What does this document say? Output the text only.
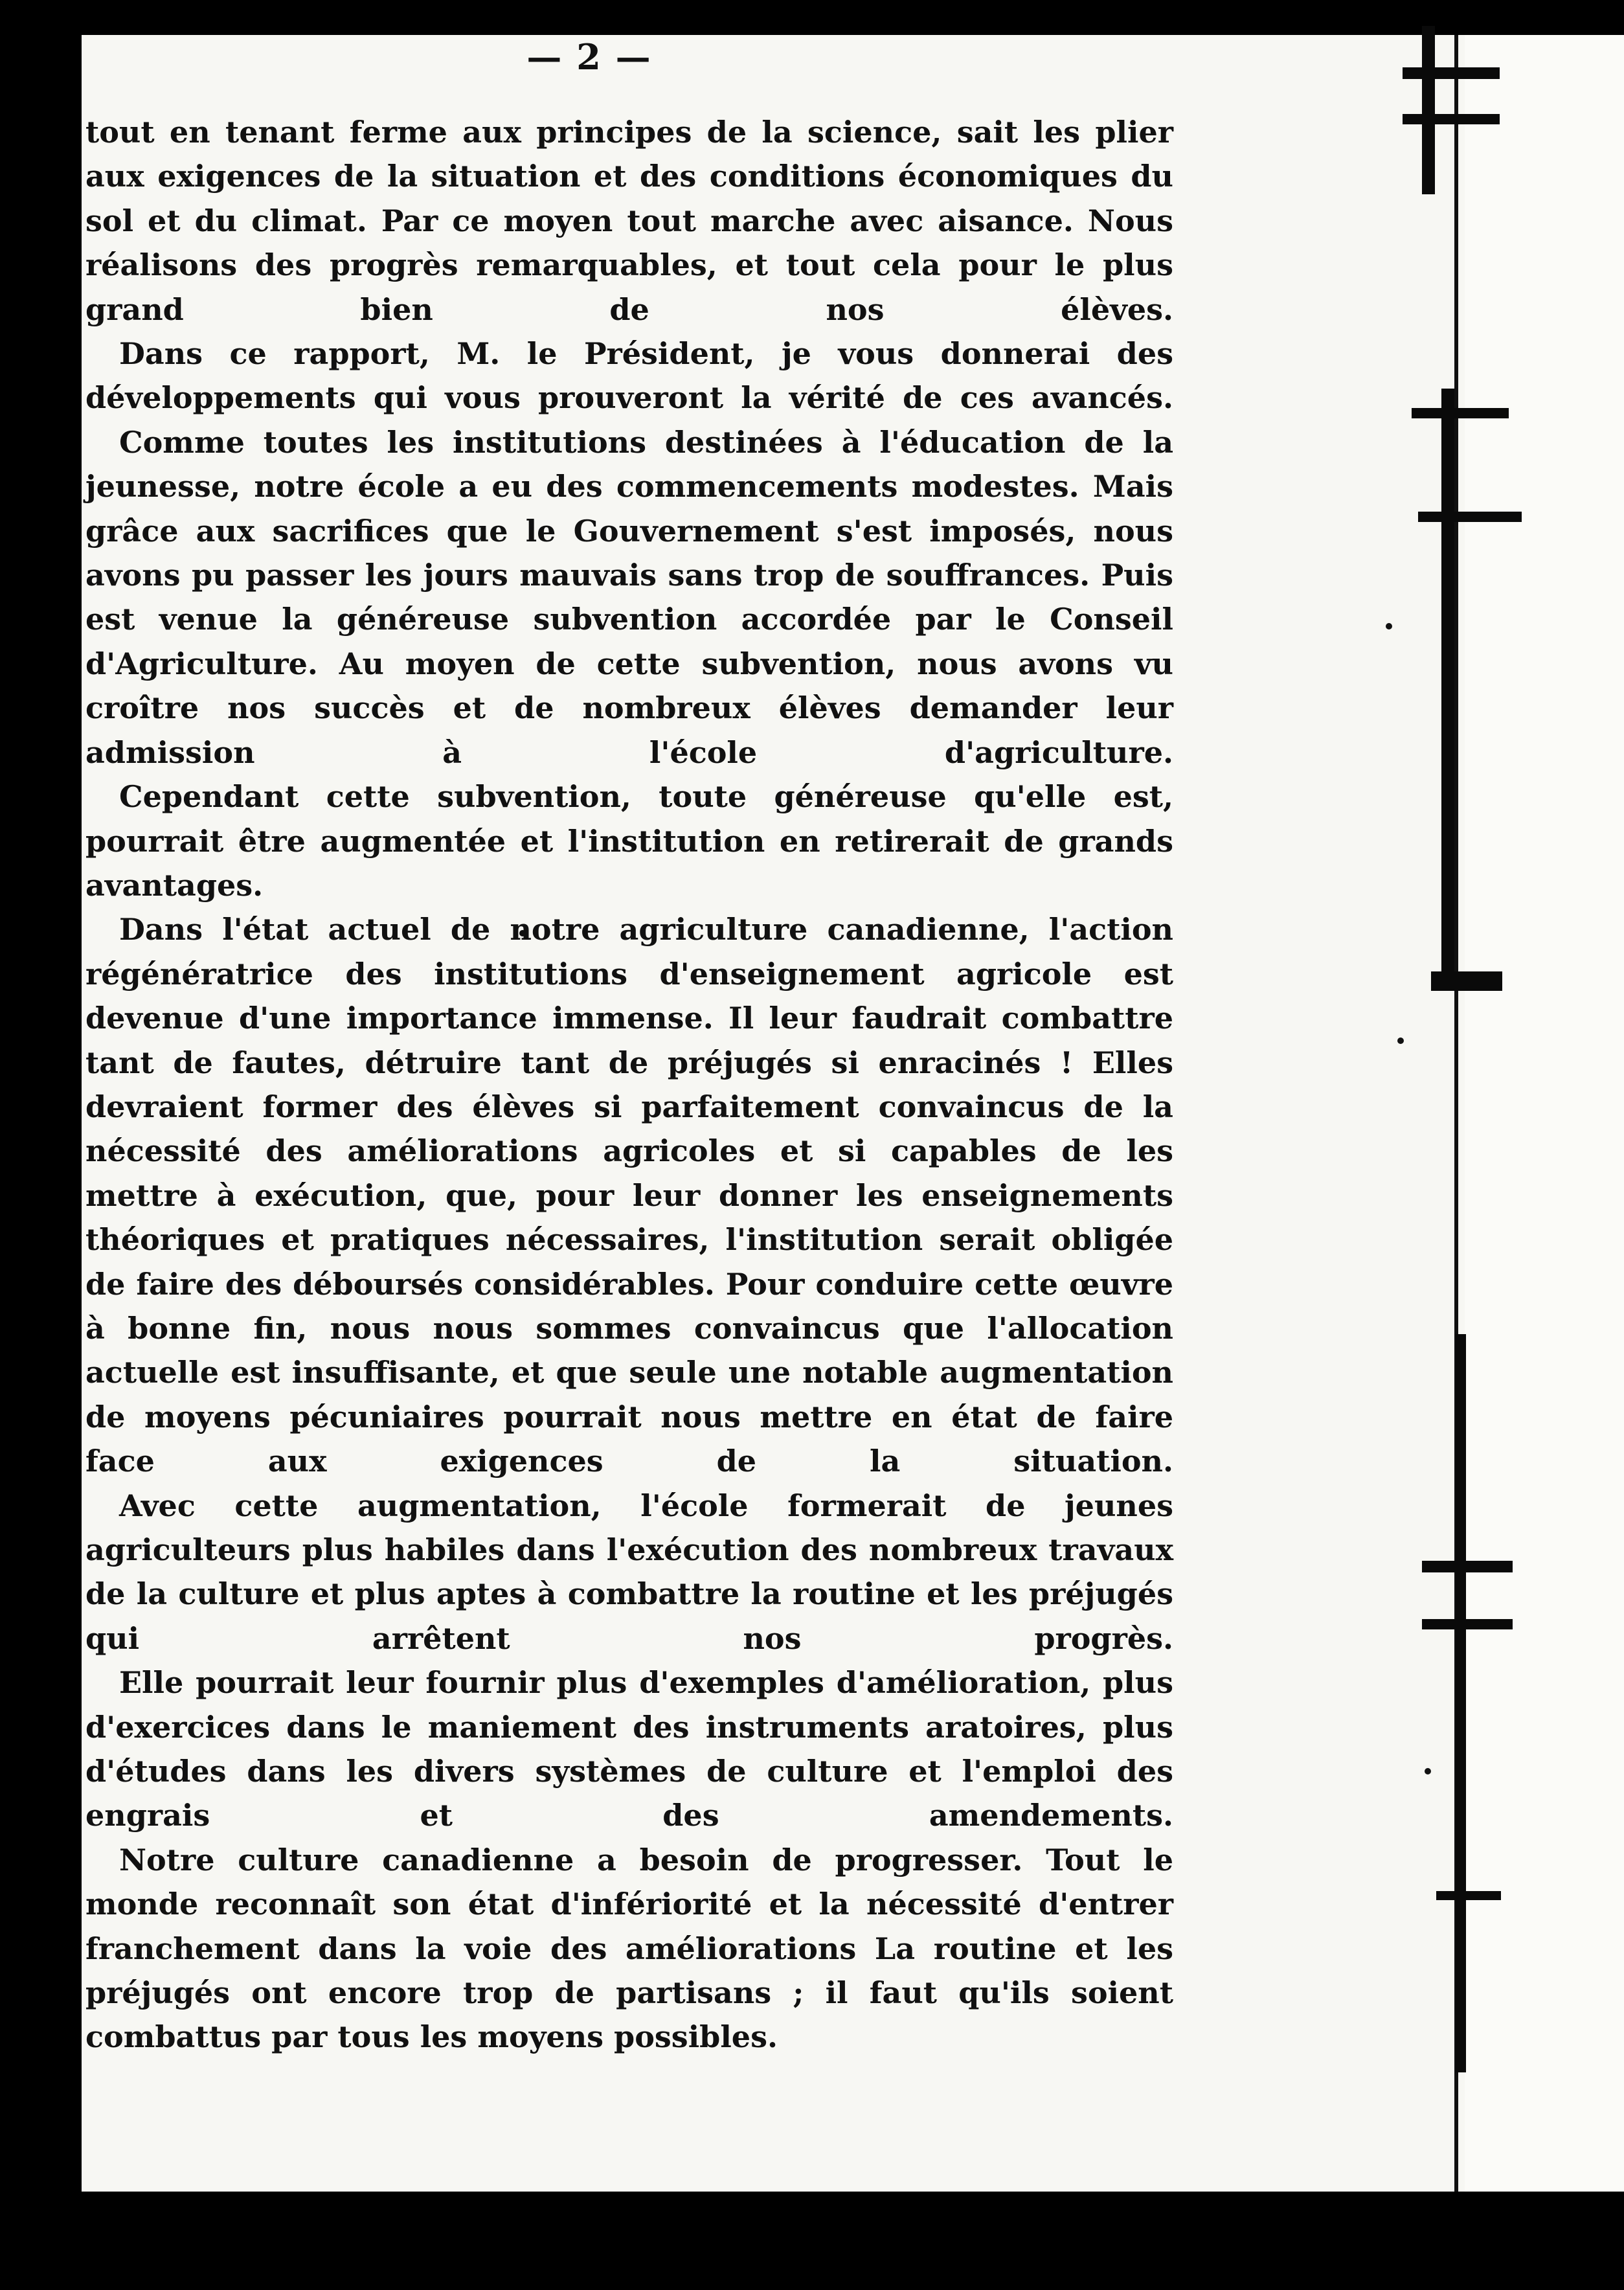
— 2 —

tout en tenant ferme aux principes de la science, sait les plier aux exigences de la situation et des conditions économiques du sol et du climat. Par ce moyen tout marche avec aisance. Nous réalisons des progrès remarquables, et tout cela pour le plus grand bien de nos élèves.

Dans ce rapport, M. le Président, je vous donnerai des développements qui vous prouveront la vérité de ces avancés.

Comme toutes les institutions destinées à l'éducation de la jeunesse, notre école a eu des commencements modestes. Mais grâce aux sacrifices que le Gouvernement s'est imposés, nous avons pu passer les jours mauvais sans trop de souffrances. Puis est venue la généreuse subvention accordée par le Conseil d'Agriculture. Au moyen de cette subvention, nous avons vu croître nos succès et de nombreux élèves demander leur admission à l'école d'agriculture.

Cependant cette subvention, toute généreuse qu'elle est, pourrait être augmentée et l'institution en retirerait de grands avantages.

Dans l'état actuel de notre agriculture canadienne, l'action régénératrice des institutions d'enseignement agricole est devenue d'une importance immense. Il leur faudrait combattre tant de fautes, détruire tant de préjugés si enracinés ! Elles devraient former des élèves si parfaitement convaincus de la nécessité des améliorations agricoles et si capables de les mettre à exécution, que, pour leur donner les enseignements théoriques et pratiques nécessaires, l'institution serait obligée de faire des déboursés considérables. Pour conduire cette œuvre à bonne fin, nous nous sommes convaincus que l'allocation actuelle est insuffisante, et que seule une notable augmentation de moyens pécuniaires pourrait nous mettre en état de faire face aux exigences de la situation.

Avec cette augmentation, l'école formerait de jeunes agriculteurs plus habiles dans l'exécution des nombreux travaux de la culture et plus aptes à combattre la routine et les préjugés qui arrêtent nos progrès.

Elle pourrait leur fournir plus d'exemples d'amélioration, plus d'exercices dans le maniement des instruments aratoires, plus d'études dans les divers systèmes de culture et l'emploi des engrais et des amendements.

Notre culture canadienne a besoin de progresser. Tout le monde reconnaît son état d'infériorité et la nécessité d'entrer franchement dans la voie des améliorations La routine et les préjugés ont encore trop de partisans ; il faut qu'ils soient combattus par tous les moyens possibles.
